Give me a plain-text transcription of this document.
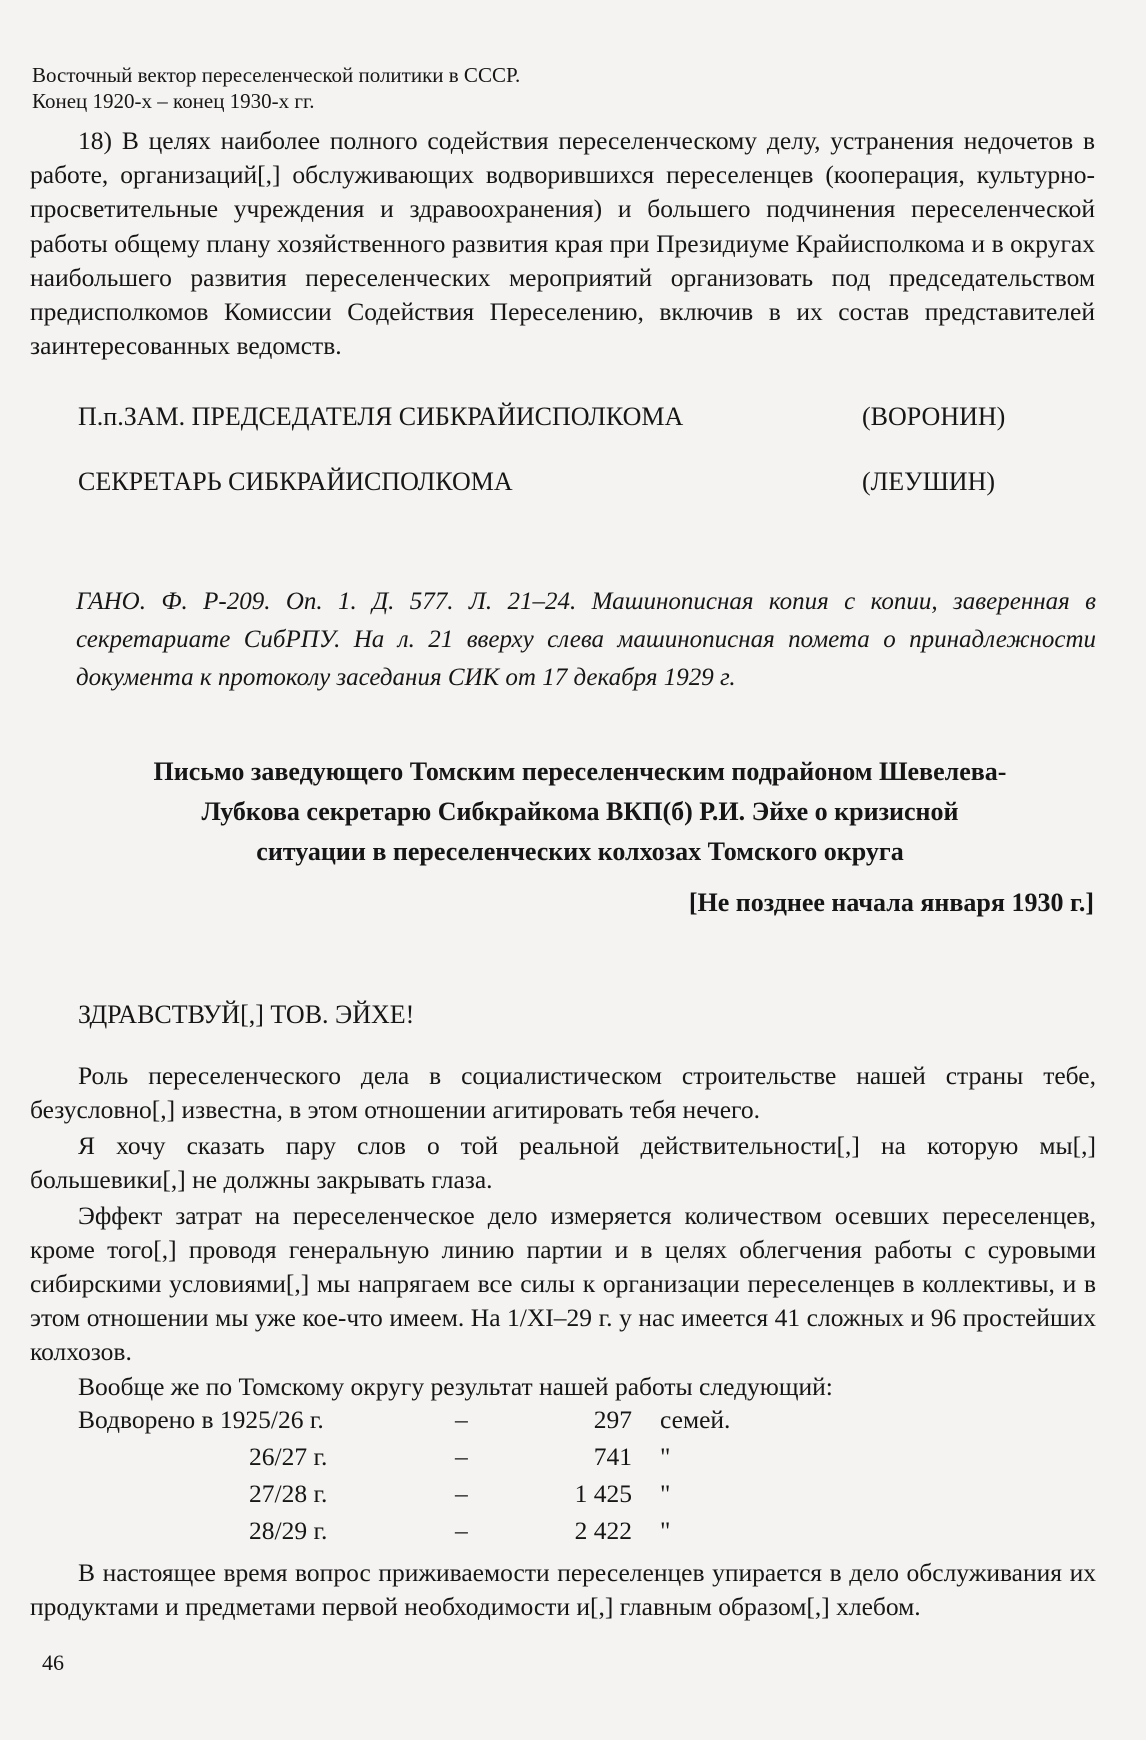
Восточный вектор переселенческой политики в СССР.
Конец 1920-х – конец 1930-х гг.
18) В целях наиболее полного содействия переселенческому делу, устранения недочетов в работе, организаций[,] обслуживающих водворившихся переселенцев (кооперация, культурно-просветительные учреждения и здравоохранения) и большего подчинения переселенческой работы общему плану хозяйственного развития края при Президиуме Крайисполкома и в округах наибольшего развития переселенческих мероприятий организовать под председательством предисполкомов Комиссии Содействия Переселению, включив в их состав представителей заинтересованных ведомств.
П.п.ЗАМ. ПРЕДСЕДАТЕЛЯ СИБКРАЙИСПОЛКОМА	(ВОРОНИН)
СЕКРЕТАРЬ СИБКРАЙИСПОЛКОМА	(ЛЕУШИН)
ГАНО. Ф. Р-209. Оп. 1. Д. 577. Л. 21–24. Машинописная копия с копии, заверенная в секретариате СибРПУ. На л. 21 вверху слева машинописная помета о принадлежности документа к протоколу заседания СИК от 17 декабря 1929 г.
Письмо заведующего Томским переселенческим подрайоном Шевелева-
Лубкова секретарю Сибкрайкома ВКП(б) Р.И. Эйхе о кризисной
ситуации в переселенческих колхозах Томского округа
[Не позднее начала января 1930 г.]
ЗДРАВСТВУЙ[,] ТОВ. ЭЙХЕ!
Роль переселенческого дела в социалистическом строительстве нашей страны тебе, безусловно[,] известна, в этом отношении агитировать тебя нечего.
Я хочу сказать пару слов о той реальной действительности[,] на которую мы[,] большевики[,] не должны закрывать глаза.
Эффект затрат на переселенческое дело измеряется количеством осевших переселенцев, кроме того[,] проводя генеральную линию партии и в целях облегчения работы с суровыми сибирскими условиями[,] мы напрягаем все силы к организации переселенцев в коллективы, и в этом отношении мы уже кое-что имеем. На 1/XI–29 г. у нас имеется 41 сложных и 96 простейших колхозов.
Вообще же по Томскому округу результат нашей работы следующий:
Водворено в 1925/26 г.	–	297 семей.
26/27 г.	–	741 "
27/28 г.	–	1 425 "
28/29 г.	–	2 422 "
В настоящее время вопрос приживаемости переселенцев упирается в дело обслуживания их продуктами и предметами первой необходимости и[,] главным образом[,] хлебом.
46
